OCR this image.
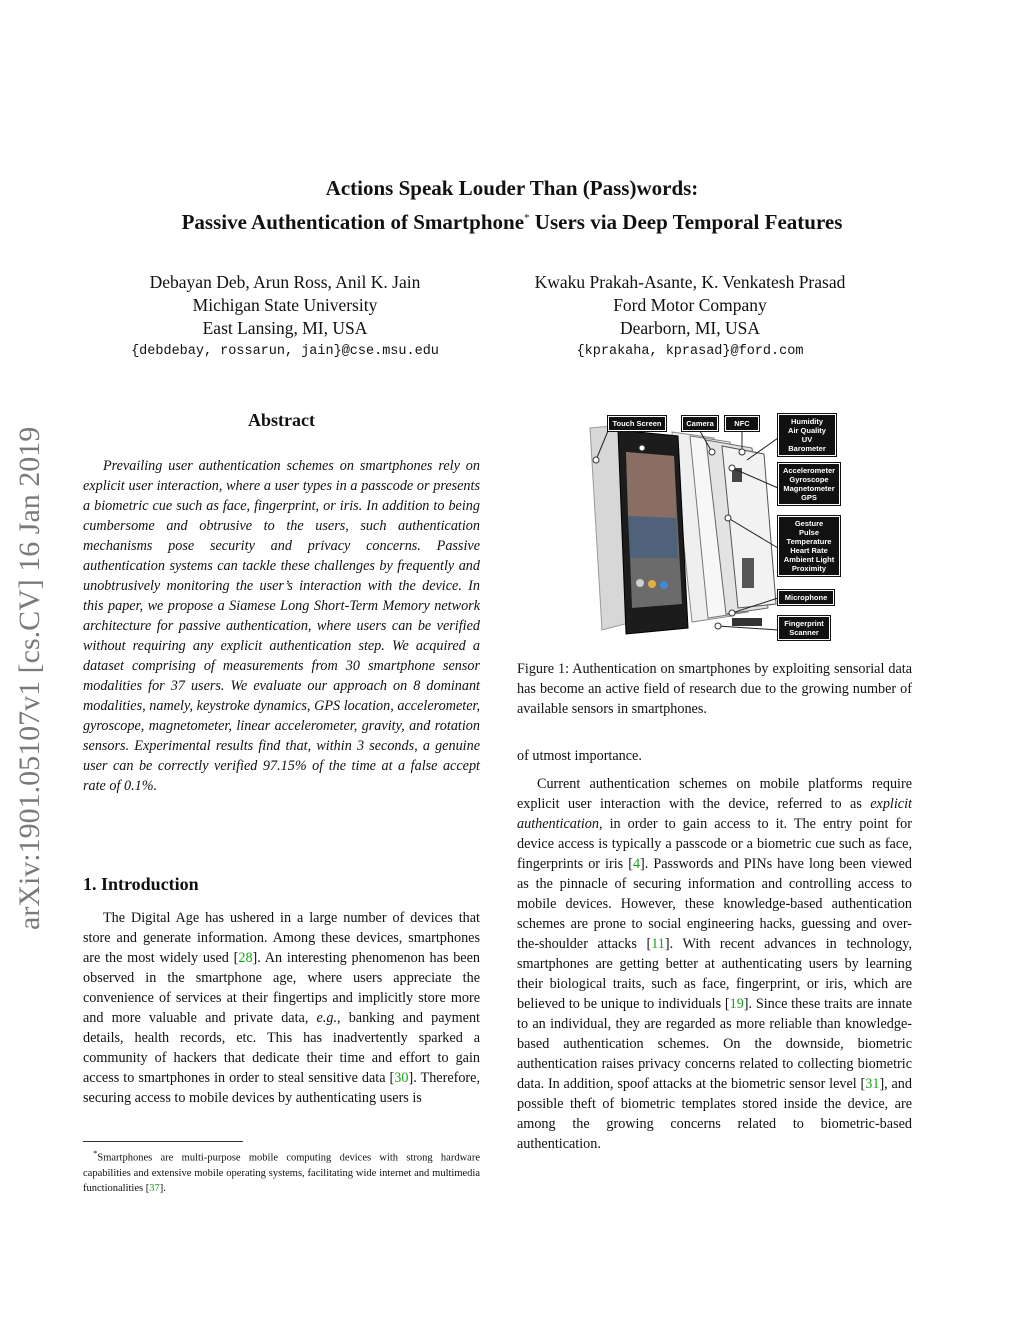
arXiv:1901.05107v1 [cs.CV] 16 Jan 2019
Actions Speak Louder Than (Pass)words:
Passive Authentication of Smartphone* Users via Deep Temporal Features
Debayan Deb, Arun Ross, Anil K. Jain
Michigan State University
East Lansing, MI, USA
{debdebay, rossarun, jain}@cse.msu.edu
Kwaku Prakah-Asante, K. Venkatesh Prasad
Ford Motor Company
Dearborn, MI, USA
{kprakaha, kprasad}@ford.com
Abstract
Prevailing user authentication schemes on smartphones rely on explicit user interaction, where a user types in a passcode or presents a biometric cue such as face, fingerprint, or iris. In addition to being cumbersome and obtrusive to the users, such authentication mechanisms pose security and privacy concerns. Passive authentication systems can tackle these challenges by frequently and unobtrusively monitoring the user’s interaction with the device. In this paper, we propose a Siamese Long Short-Term Memory network architecture for passive authentication, where users can be verified without requiring any explicit authentication step. We acquired a dataset comprising of measurements from 30 smartphone sensor modalities for 37 users. We evaluate our approach on 8 dominant modalities, namely, keystroke dynamics, GPS location, accelerometer, gyroscope, magnetometer, linear accelerometer, gravity, and rotation sensors. Experimental results find that, within 3 seconds, a genuine user can be correctly verified 97.15% of the time at a false accept rate of 0.1%.
1. Introduction
The Digital Age has ushered in a large number of devices that store and generate information. Among these devices, smartphones are the most widely used [28]. An interesting phenomenon has been observed in the smartphone age, where users appreciate the convenience of services at their fingertips and implicitly store more and more valuable and private data, e.g., banking and payment details, health records, etc. This has inadvertently sparked a community of hackers that dedicate their time and effort to gain access to smartphones in order to steal sensitive data [30]. Therefore, securing access to mobile devices by authenticating users is
*Smartphones are multi-purpose mobile computing devices with strong hardware capabilities and extensive mobile operating systems, facilitating wide internet and multimedia functionalities [37].
Touch Screen	Camera	NFC	Humidity
Air Quality
UV
Barometer
Accelerometer
Gyroscope
Magnetometer
GPS
Gesture
Pulse
Temperature
Heart Rate
Ambient Light
Proximity
Microphone
Fingerprint
Scanner
Figure 1: Authentication on smartphones by exploiting sensorial data has become an active field of research due to the growing number of available sensors in smartphones.
of utmost importance.
Current authentication schemes on mobile platforms require explicit user interaction with the device, referred to as explicit authentication, in order to gain access to it. The entry point for device access is typically a passcode or a biometric cue such as face, fingerprints or iris [4]. Passwords and PINs have long been viewed as the pinnacle of securing information and controlling access to mobile devices. However, these knowledge-based authentication schemes are prone to social engineering hacks, guessing and over-the-shoulder attacks [11]. With recent advances in technology, smartphones are getting better at authenticating users by learning their biological traits, such as face, fingerprint, or iris, which are believed to be unique to individuals [19]. Since these traits are innate to an individual, they are regarded as more reliable than knowledge-based authentication schemes. On the downside, biometric authentication raises privacy concerns related to collecting biometric data. In addition, spoof attacks at the biometric sensor level [31], and possible theft of biometric templates stored inside the device, are among the growing concerns related to biometric-based authentication.
